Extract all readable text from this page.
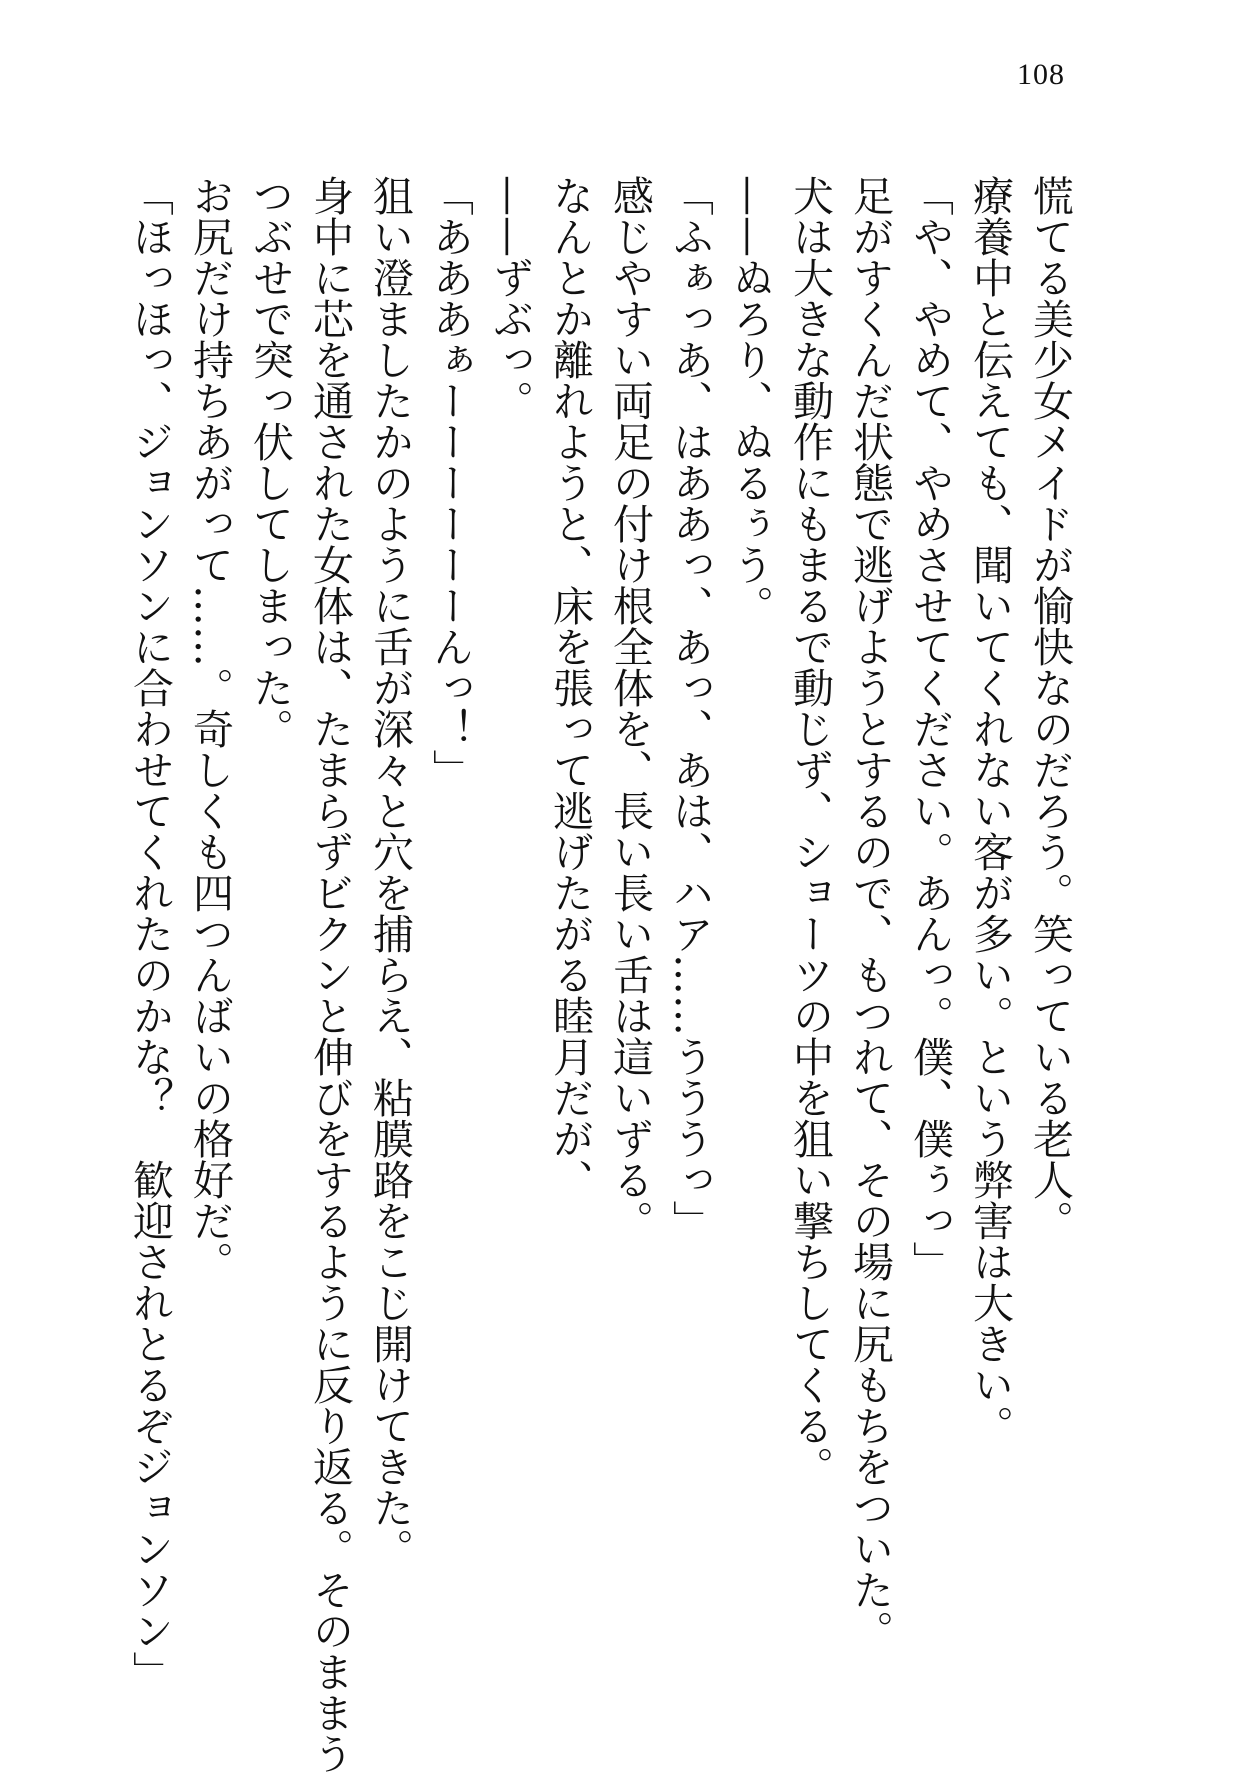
108
慌てる美少女メイドが愉快なのだろう。笑っている老人。
療養中と伝えても、聞いてくれない客が多い。という弊害は大きい。
「や、やめて、やめさせてください。あんっ。僕、僕ぅっ」
足がすくんだ状態で逃げようとするので、もつれて、その場に尻もちをついた。
犬は大きな動作にもまるで動じず、ショーツの中を狙い撃ちしてくる。
——ぬろり、ぬるぅう。
「ふぁっあ、はああっ、あっ、あは、ハア……うううっ」
感じやすい両足の付け根全体を、長い長い舌は這いずる。
なんとか離れようと、床を張って逃げたがる睦月だが、
——ずぶっ。
「あああぁーーーーーーんっ！」
狙い澄ましたかのように舌が深々と穴を捕らえ、粘膜路をこじ開けてきた。
身中に芯を通された女体は、たまらずビクンと伸びをするように反り返る。そのままう
つぶせで突っ伏してしまった。
お尻だけ持ちあがって……。奇しくも四つんばいの格好だ。
「ほっほっ、ジョンソンに合わせてくれたのかな？　歓迎されとるぞジョンソン」
